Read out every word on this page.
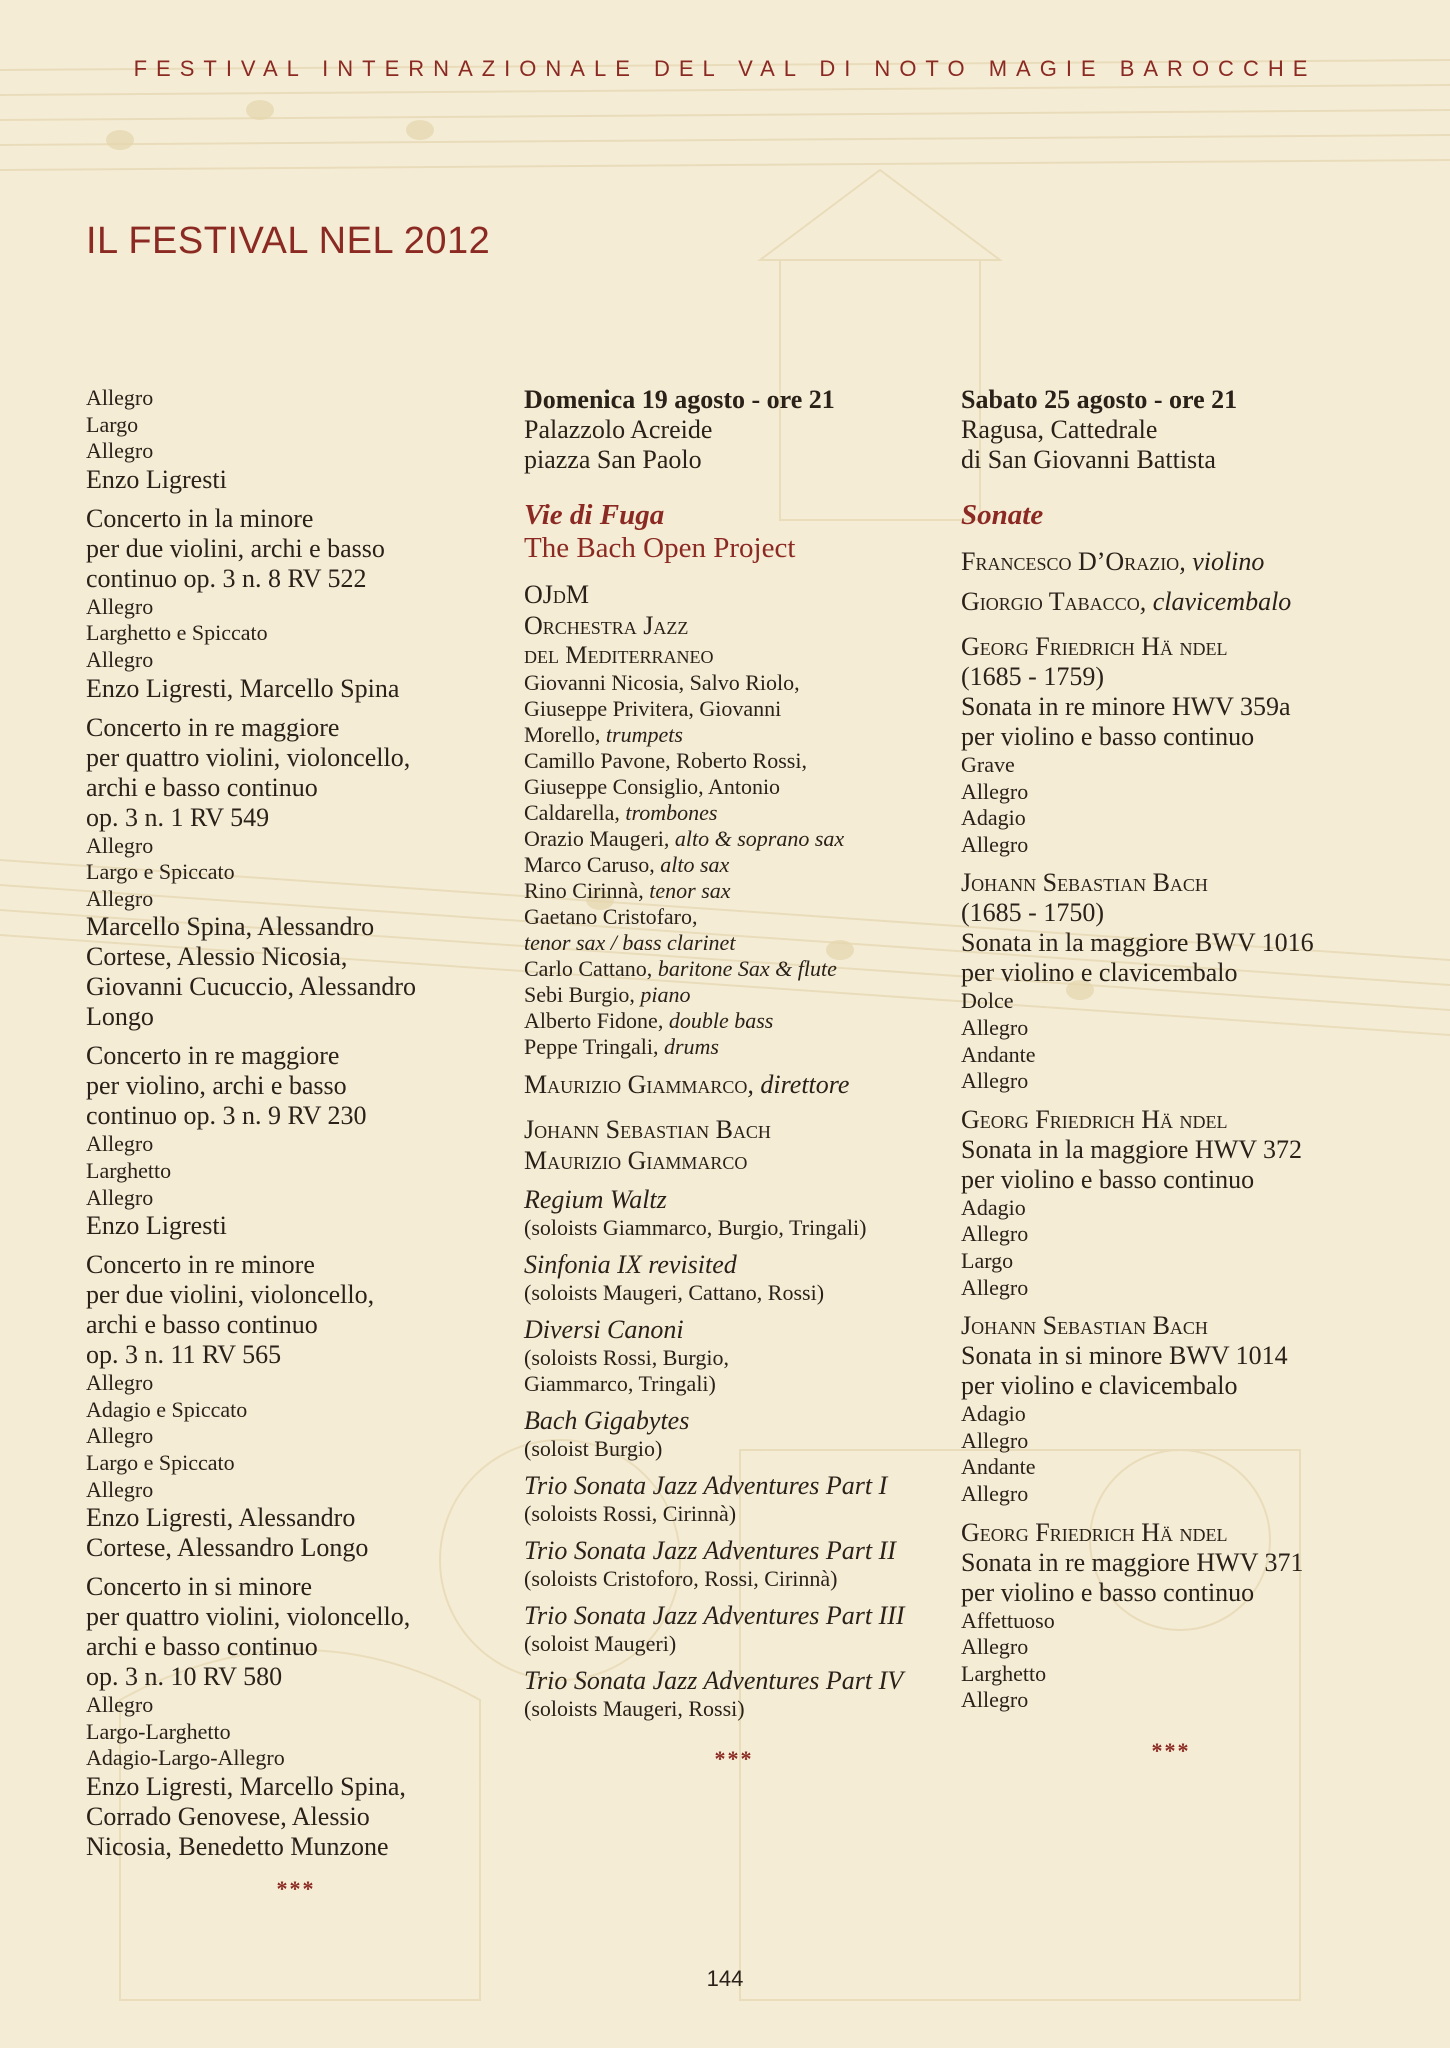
FESTIVAL INTERNAZIONALE DEL VAL DI NOTO MAGIE BAROCCHE
IL FESTIVAL NEL 2012

Allegro

Largo

Allegro

Enzo Ligresti

Concerto in la minore

per due violini, archi e basso

continuo op. 3 n. 8 RV 522

Allegro

Larghetto e Spiccato

Allegro

Enzo Ligresti, Marcello Spina

Concerto in re maggiore

per quattro violini, violoncello,

archi e basso continuo

op. 3 n. 1 RV 549

Allegro

Largo e Spiccato

Allegro

Marcello Spina, Alessandro

Cortese, Alessio Nicosia,

Giovanni Cucuccio, Alessandro

Longo

Concerto in re maggiore

per violino, archi e basso

continuo op. 3 n. 9 RV 230

Allegro

Larghetto

Allegro

Enzo Ligresti

Concerto in re minore

per due violini, violoncello,

archi e basso continuo

op. 3 n. 11 RV 565

Allegro

Adagio e Spiccato

Allegro

Largo e Spiccato

Allegro

Enzo Ligresti, Alessandro

Cortese, Alessandro Longo

Concerto in si minore

per quattro violini, violoncello,

archi e basso continuo

op. 3 n. 10 RV 580

Allegro

Largo-Larghetto

Adagio-Largo-Allegro

Enzo Ligresti, Marcello Spina,

Corrado Genovese, Alessio

Nicosia, Benedetto Munzone

***

Domenica 19 agosto - ore 21

Palazzolo Acreide

piazza San Paolo

Vie di Fuga

The Bach Open Project

OJdM

Orchestra Jazz

del Mediterraneo

Giovanni Nicosia, Salvo Riolo,

Giuseppe Privitera, Giovanni

Morello, trumpets

Camillo Pavone, Roberto Rossi,

Giuseppe Consiglio, Antonio

Caldarella, trombones

Orazio Maugeri, alto & soprano sax

Marco Caruso, alto sax

Rino Cirinnà, tenor sax

Gaetano Cristofaro,

tenor sax / bass clarinet

Carlo Cattano, baritone Sax & flute

Sebi Burgio, piano

Alberto Fidone, double bass

Peppe Tringali, drums

Maurizio Giammarco, direttore

Johann Sebastian Bach

Maurizio Giammarco

Regium Waltz

(soloists Giammarco, Burgio, Tringali)

Sinfonia IX revisited

(soloists Maugeri, Cattano, Rossi)

Diversi Canoni

(soloists Rossi, Burgio,

Giammarco, Tringali)

Bach Gigabytes

(soloist Burgio)

Trio Sonata Jazz Adventures Part I

(soloists Rossi, Cirinnà)

Trio Sonata Jazz Adventures Part II

(soloists Cristoforo, Rossi, Cirinnà)

Trio Sonata Jazz Adventures Part III

(soloist Maugeri)

Trio Sonata Jazz Adventures Part IV

(soloists Maugeri, Rossi)

***

Sabato 25 agosto - ore 21

Ragusa, Cattedrale

di San Giovanni Battista

Sonate

Francesco D’Orazio, violino

Giorgio Tabacco, clavicembalo

Georg Friedrich Hä ndel

(1685 - 1759)

Sonata in re minore HWV 359a

per violino e basso continuo

Grave

Allegro

Adagio

Allegro

Johann Sebastian Bach

(1685 - 1750)

Sonata in la maggiore BWV 1016

per violino e clavicembalo

Dolce

Allegro

Andante

Allegro

Georg Friedrich Hä ndel

Sonata in la maggiore HWV 372

per violino e basso continuo

Adagio

Allegro

Largo

Allegro

Johann Sebastian Bach

Sonata in si minore BWV 1014

per violino e clavicembalo

Adagio

Allegro

Andante

Allegro

Georg Friedrich Hä ndel

Sonata in re maggiore HWV 371

per violino e basso continuo

Affettuoso

Allegro

Larghetto

Allegro

***

144
